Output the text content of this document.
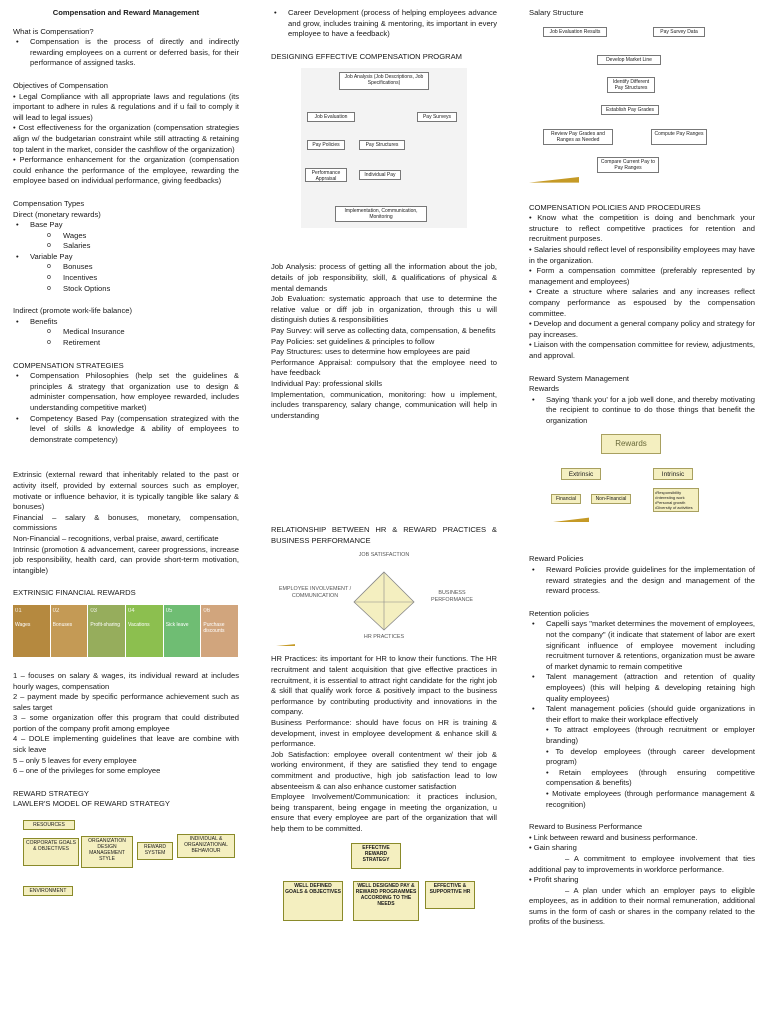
Compensation and Reward Management

What is Compensation?

• Compensation is the process of directly and indirectly rewarding employees on a current or deferred basis, for their performance of assigned tasks.

Objectives of Compensation

• Legal Compliance with all appropriate laws and regulations (its important to adhere in rules & regulations and if u fail to comply it will lead to legal issues)

• Cost effectiveness for the organization (compensation strategies align w/ the budgetarian constraint while still attracting & retaining top talent in the market, consider the cashflow of the organization)

• Performance enhancement for the organization (compensation could enhance the performance of the employee, rewarding the employee based on individual performance, giving feedbacks)

Compensation Types

Direct (monetary rewards)

• Base Pay
o Wages
o Salaries
• Variable Pay
o Bonuses
o Incentives
o Stock Options

Indirect (promote work-life balance)

• Benefits
o Medical Insurance
o Retirement

COMPENSATION STRATEGIES

• Compensation Philosophies (help set the guidelines & principles & strategy that organization use to design & administer compensation, how employee rewarded, includes understanding competitive market)
• Competency Based Pay (compensation strategized with the level of skills & knowledge & ability of employees to demonstrate competency)

Extrinsic (external reward that inheritably related to the past or activity itself, provided by external sources such as employer, motivate or influence behavior, it is typically tangible like salary & bonuses)

Financial – salary & bonuses, monetary, compensation, commissions

Non-Financial – recognitions, verbal praise, award, certificate

Intrinsic (promotion & advancement, career progressions, increase job responsibility, health card, can provide short-term motivation, intangible)

EXTRINSIC FINANCIAL REWARDS

01
Wages
02
Bonuses
03
Profit-sharing
04
Vacations
05
Sick leave
06
Purchase discounts

1 – focuses on salary & wages, its individual reward at includes hourly wages, compensation

2 – payment made by specific performance achievement such as sales target

3 – some organization offer this program that could distributed portion of the company profit among employee

4 – DOLE implementing guidelines that leave are combine with sick leave

5 – only 5 leaves for every employee

6 – one of the privileges for some employee

REWARD STRATEGY

LAWLER'S MODEL OF REWARD STRATEGY

RESOURCES
CORPORATE GOALS & OBJECTIVES
ORGANIZATION DESIGN MANAGEMENT STYLE
REWARD SYSTEM
INDIVIDUAL & ORGANIZATIONAL BEHAVIOUR
ENVIRONMENT
• Career Development (process of helping employees advance and grow, includes training & mentoring, its important in every employee to have a feedback)

DESIGNING EFFECTIVE COMPENSATION PROGRAM

Job Analysis (Job Descriptions, Job Specifications)
Job Evaluation	Pay Surveys
Pay Policies	Pay Structures
Performance Appraisal
Individual Pay
Implementation, Communication, Monitoring

Job Analysis: process of getting all the information about the job, details of job responsibility, skill, & qualifications of physical & mental demands

Job Evaluation: systematic approach that use to determine the relative value or diff job in organization, through this u will distinguish duties & responsibilities

Pay Survey: will serve as collecting data, compensation, & benefits

Pay Policies: set guidelines & principles to follow

Pay Structures: uses to determine how employees are paid

Performance Appraisal: compulsory that the employee need to have feedback

Individual Pay: professional skills

Implementation, communication, monitoring: how u implement, includes transparency, salary change, communication will help in understanding

RELATIONSHIP BETWEEN HR & REWARD PRACTICES & BUSINESS PERFORMANCE

JOB SATISFACTION
EMPLOYEE INVOLVEMENT / COMMUNICATION	BUSINESS PERFORMANCE
HR PRACTICES

HR Practices: its important for HR to know their functions. The HR recruitment and talent acquisition that give effective practices in recruitment, it is essential to attract right candidate for the right job & skill that qualify work force & positively impact to the business performance by contributing productivity and innovations in the company.

Business Performance: should have focus on HR is training & development, invest in employee development & enhance skill & performance.

Job Satisfaction: employee overall contentment w/ their job & working environment, if they are satisfied they tend to engage commitment and productive, high job satisfaction lead to low absenteeism & can also enhance customer satisfaction

Employee Involvement/Communication: it practices inclusion, being transparent, being engage in meeting the organization, u ensure that every employee are part of the organization that will help them to be committed.

EFFECTIVE REWARD STRATEGY
WELL DEFINED GOALS & OBJECTIVES
WELL DESIGNED PAY & REWARD PROGRAMMES ACCORDING TO THE NEEDS
EFFECTIVE & SUPPORTIVE HR

Salary Structure

Job Evaluation Results	Pay Survey Data
Develop Market Line
Identify Different Pay Structures
Establish Pay Grades
Review Pay Grades and Ranges as Needed
Compute Pay Ranges
Compare Current Pay to Pay Ranges

COMPENSATION POLICIES AND PROCEDURES

• Know what the competition is doing and benchmark your structure to reflect competitive practices for retention and recruitment purposes.

• Salaries should reflect level of responsibility employees may have in the organization.

• Form a compensation committee (preferably represented by management and employees)

• Create a structure where salaries and any increases reflect company performance as espoused by the compensation committee.

• Develop and document a general company policy and strategy for pay increases.

• Liaison with the compensation committee for review, adjustments, and approval.

Reward System Management

Rewards

• Saying 'thank you' for a job well done, and thereby motivating the recipient to continue to do those things that benefit the organization
Rewards
Extrinsic	Intrinsic
Financial	Non-Financial
•Responsibility •Interesting work •Personal growth •Diversity of activities

Reward Policies

• Reward Policies provide guidelines for the implementation of reward strategies and the design and management of the reward process.

Retention policies

• Capelli says "market determines the movement of employees, not the company" (it indicate that statement of labor are exert significant influence of employee movement including recruitment turnover & retentions, organization must be aware of market dynamic to remain competitive
• Talent management (attraction and retention of quality employees) (this will helping & developing retaining high quality employees)
• Talent management policies (should guide organizations in their effort to make their workplace effectively

• To attract employees (through recruitment or employer branding)

• To develop employees (through career development program)

• Retain employees (through ensuring competitive compensation & benefits)

• Motivate employees (through performance management & recognition)

Reward to Business Performance

• Link between reward and business performance.

• Gain sharing

– A commitment to employee involvement that ties additional pay to improvements in workforce performance.

• Profit sharing

– A plan under which an employer pays to eligible employees, as in addition to their normal remuneration, additional sums in the form of cash or shares in the company related to the profits of the business.
